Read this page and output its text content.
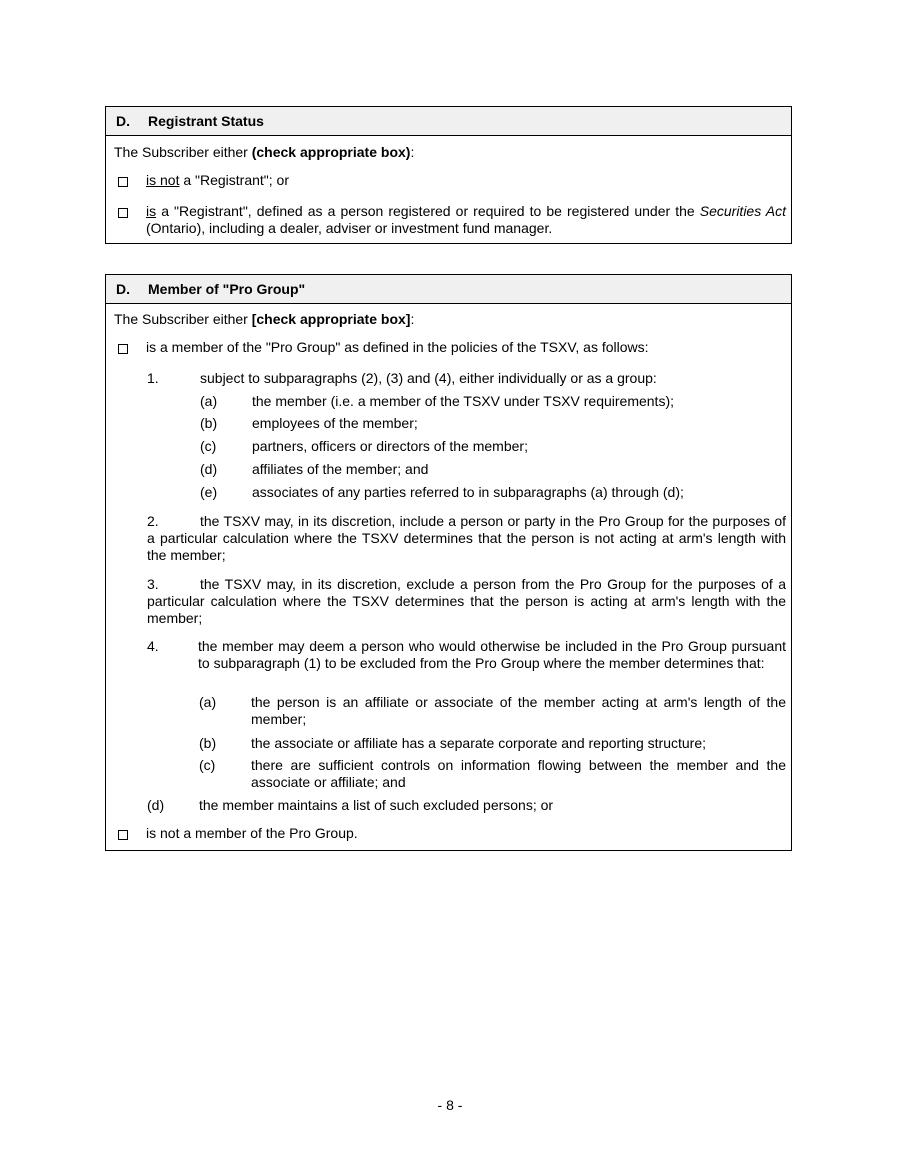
D.	Registrant Status
The Subscriber either (check appropriate box):
is not a "Registrant"; or
is a "Registrant", defined as a person registered or required to be registered under the Securities Act (Ontario), including a dealer, adviser or investment fund manager.
D.	Member of "Pro Group"
The Subscriber either [check appropriate box]:
is a member of the "Pro Group" as defined in the policies of the TSXV, as follows:
1.	subject to subparagraphs (2), (3) and (4), either individually or as a group:
(a) the member (i.e. a member of the TSXV under TSXV requirements);
(b) employees of the member;
(c)	partners, officers or directors of the member;
(d) affiliates of the member; and
(e) associates of any parties referred to in subparagraphs (a) through (d);
2.	the TSXV may, in its discretion, include a person or party in the Pro Group for the purposes of a particular calculation where the TSXV determines that the person is not acting at arm's length with the member;
3.	the TSXV may, in its discretion, exclude a person from the Pro Group for the purposes of a particular calculation where the TSXV determines that the person is acting at arm's length with the member;
4.	the member may deem a person who would otherwise be included in the Pro Group pursuant to subparagraph (1) to be excluded from the Pro Group where the member determines that:
(a) the person is an affiliate or associate of the member acting at arm's length of the member;
(b) the associate or affiliate has a separate corporate and reporting structure;
(c)	there are sufficient controls on information flowing between the member and the associate or affiliate; and
(d) the member maintains a list of such excluded persons; or
is not a member of the Pro Group.
- 8 -
